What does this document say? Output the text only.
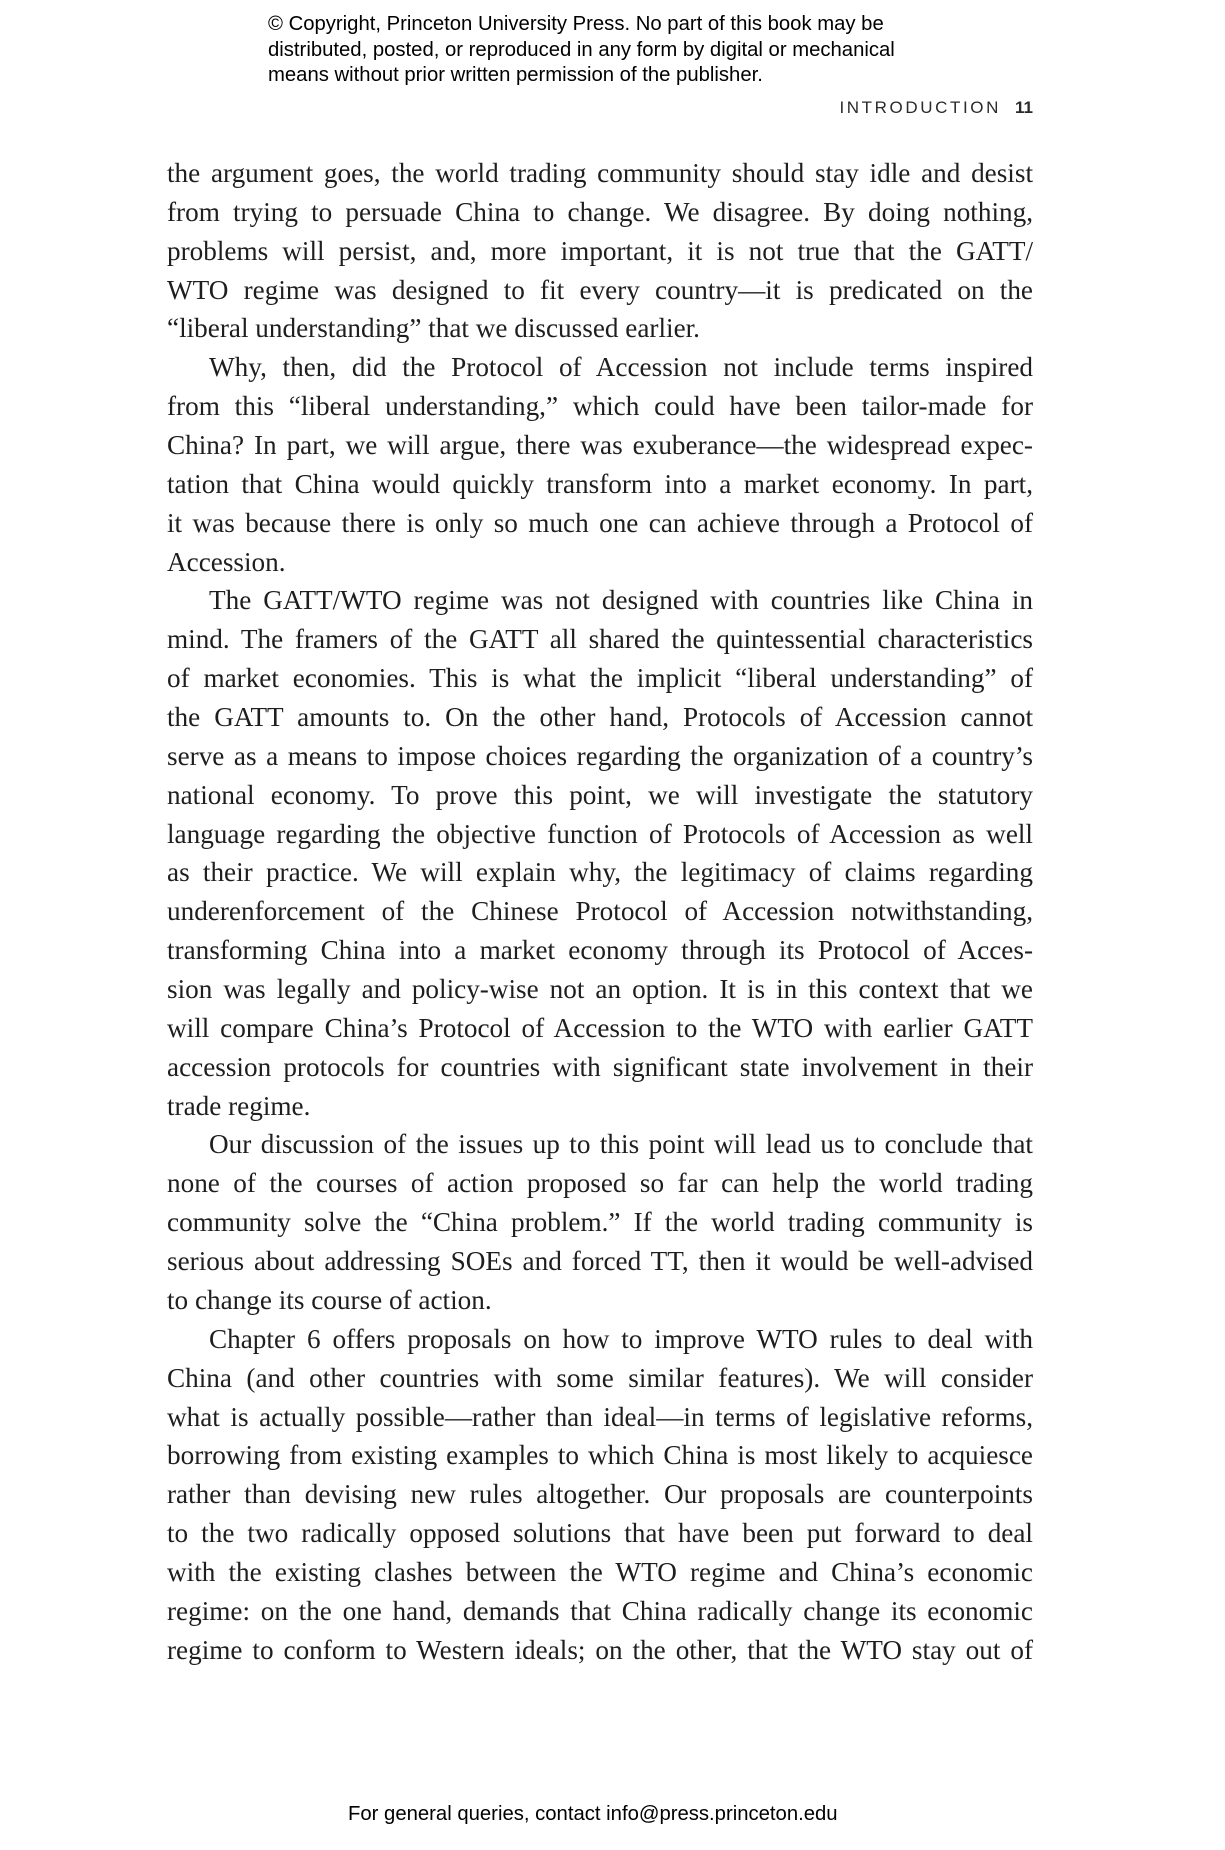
© Copyright, Princeton University Press. No part of this book may be
distributed, posted, or reproduced in any form by digital or mechanical
means without prior written permission of the publisher.
INTRODUCTION 11
the argument goes, the world trading community should stay idle and desist
from trying to persuade China to change. We disagree. By doing nothing,
problems will persist, and, more important, it is not true that the GATT/
WTO regime was designed to fit every country—it is predicated on the
“liberal understanding” that we discussed earlier.
Why, then, did the Protocol of Accession not include terms inspired
from this “liberal understanding,” which could have been tailor-made for
China? In part, we will argue, there was exuberance—the widespread expec-
tation that China would quickly transform into a market economy. In part,
it was because there is only so much one can achieve through a Protocol of
Accession.
The GATT/WTO regime was not designed with countries like China in
mind. The framers of the GATT all shared the quintessential characteristics
of market economies. This is what the implicit “liberal understanding” of
the GATT amounts to. On the other hand, Protocols of Accession cannot
serve as a means to impose choices regarding the organization of a country’s
national economy. To prove this point, we will investigate the statutory
language regarding the objective function of Protocols of Accession as well
as their practice. We will explain why, the legitimacy of claims regarding
underenforcement of the Chinese Protocol of Accession notwithstanding,
transforming China into a market economy through its Protocol of Acces-
sion was legally and policy-wise not an option. It is in this context that we
will compare China’s Protocol of Accession to the WTO with earlier GATT
accession protocols for countries with significant state involvement in their
trade regime.
Our discussion of the issues up to this point will lead us to conclude that
none of the courses of action proposed so far can help the world trading
community solve the “China problem.” If the world trading community is
serious about addressing SOEs and forced TT, then it would be well-advised
to change its course of action.
Chapter 6 offers proposals on how to improve WTO rules to deal with
China (and other countries with some similar features). We will consider
what is actually possible—rather than ideal—in terms of legislative reforms,
borrowing from existing examples to which China is most likely to acquiesce
rather than devising new rules altogether. Our proposals are counterpoints
to the two radically opposed solutions that have been put forward to deal
with the existing clashes between the WTO regime and China’s economic
regime: on the one hand, demands that China radically change its economic
regime to conform to Western ideals; on the other, that the WTO stay out of
For general queries, contact info@press.princeton.edu
